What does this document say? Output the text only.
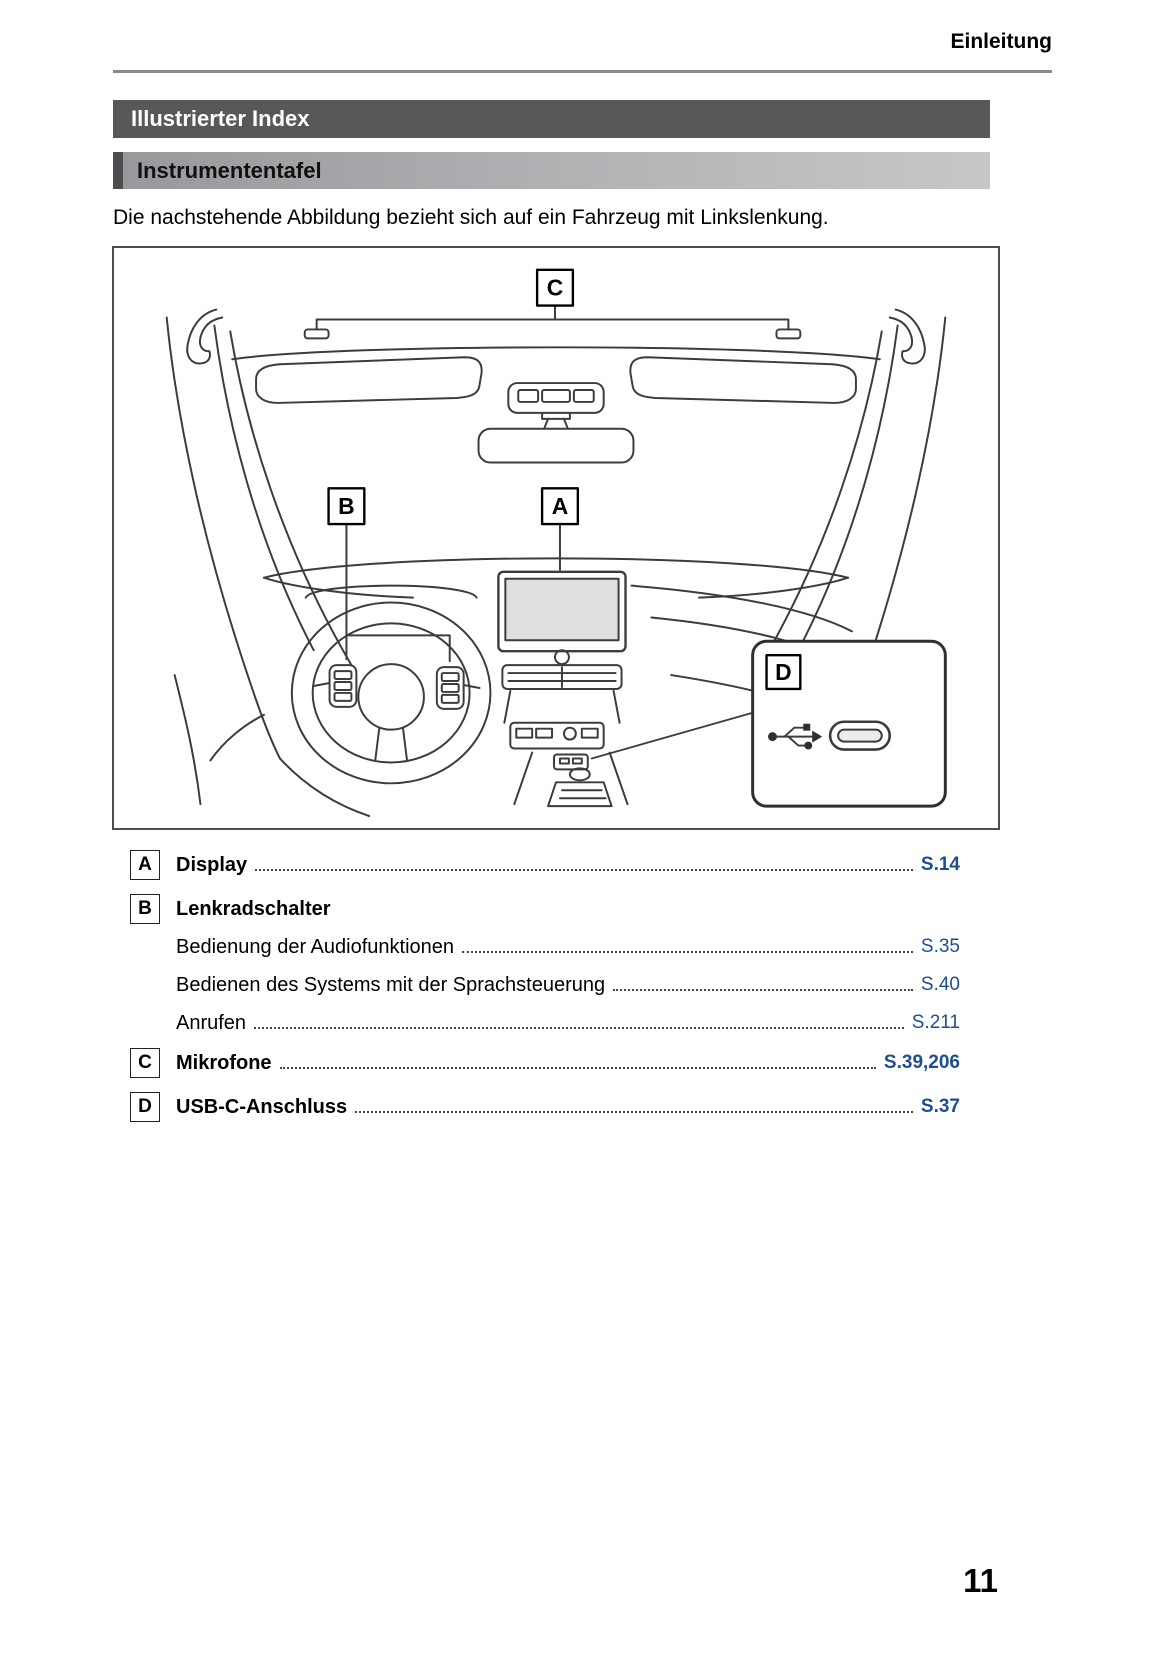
Einleitung
Illustrierter Index
Instrumententafel
Die nachstehende Abbildung bezieht sich auf ein Fahrzeug mit Linkslenkung.
C
B	A
D
A	Display	S.14
B	Lenkradschalter
Bedienung der Audiofunktionen	S.35
Bedienen des Systems mit der Sprachsteuerung	S.40
Anrufen	S.211
C	Mikrofone	S.39,206
D	USB-C-Anschluss	S.37
11
